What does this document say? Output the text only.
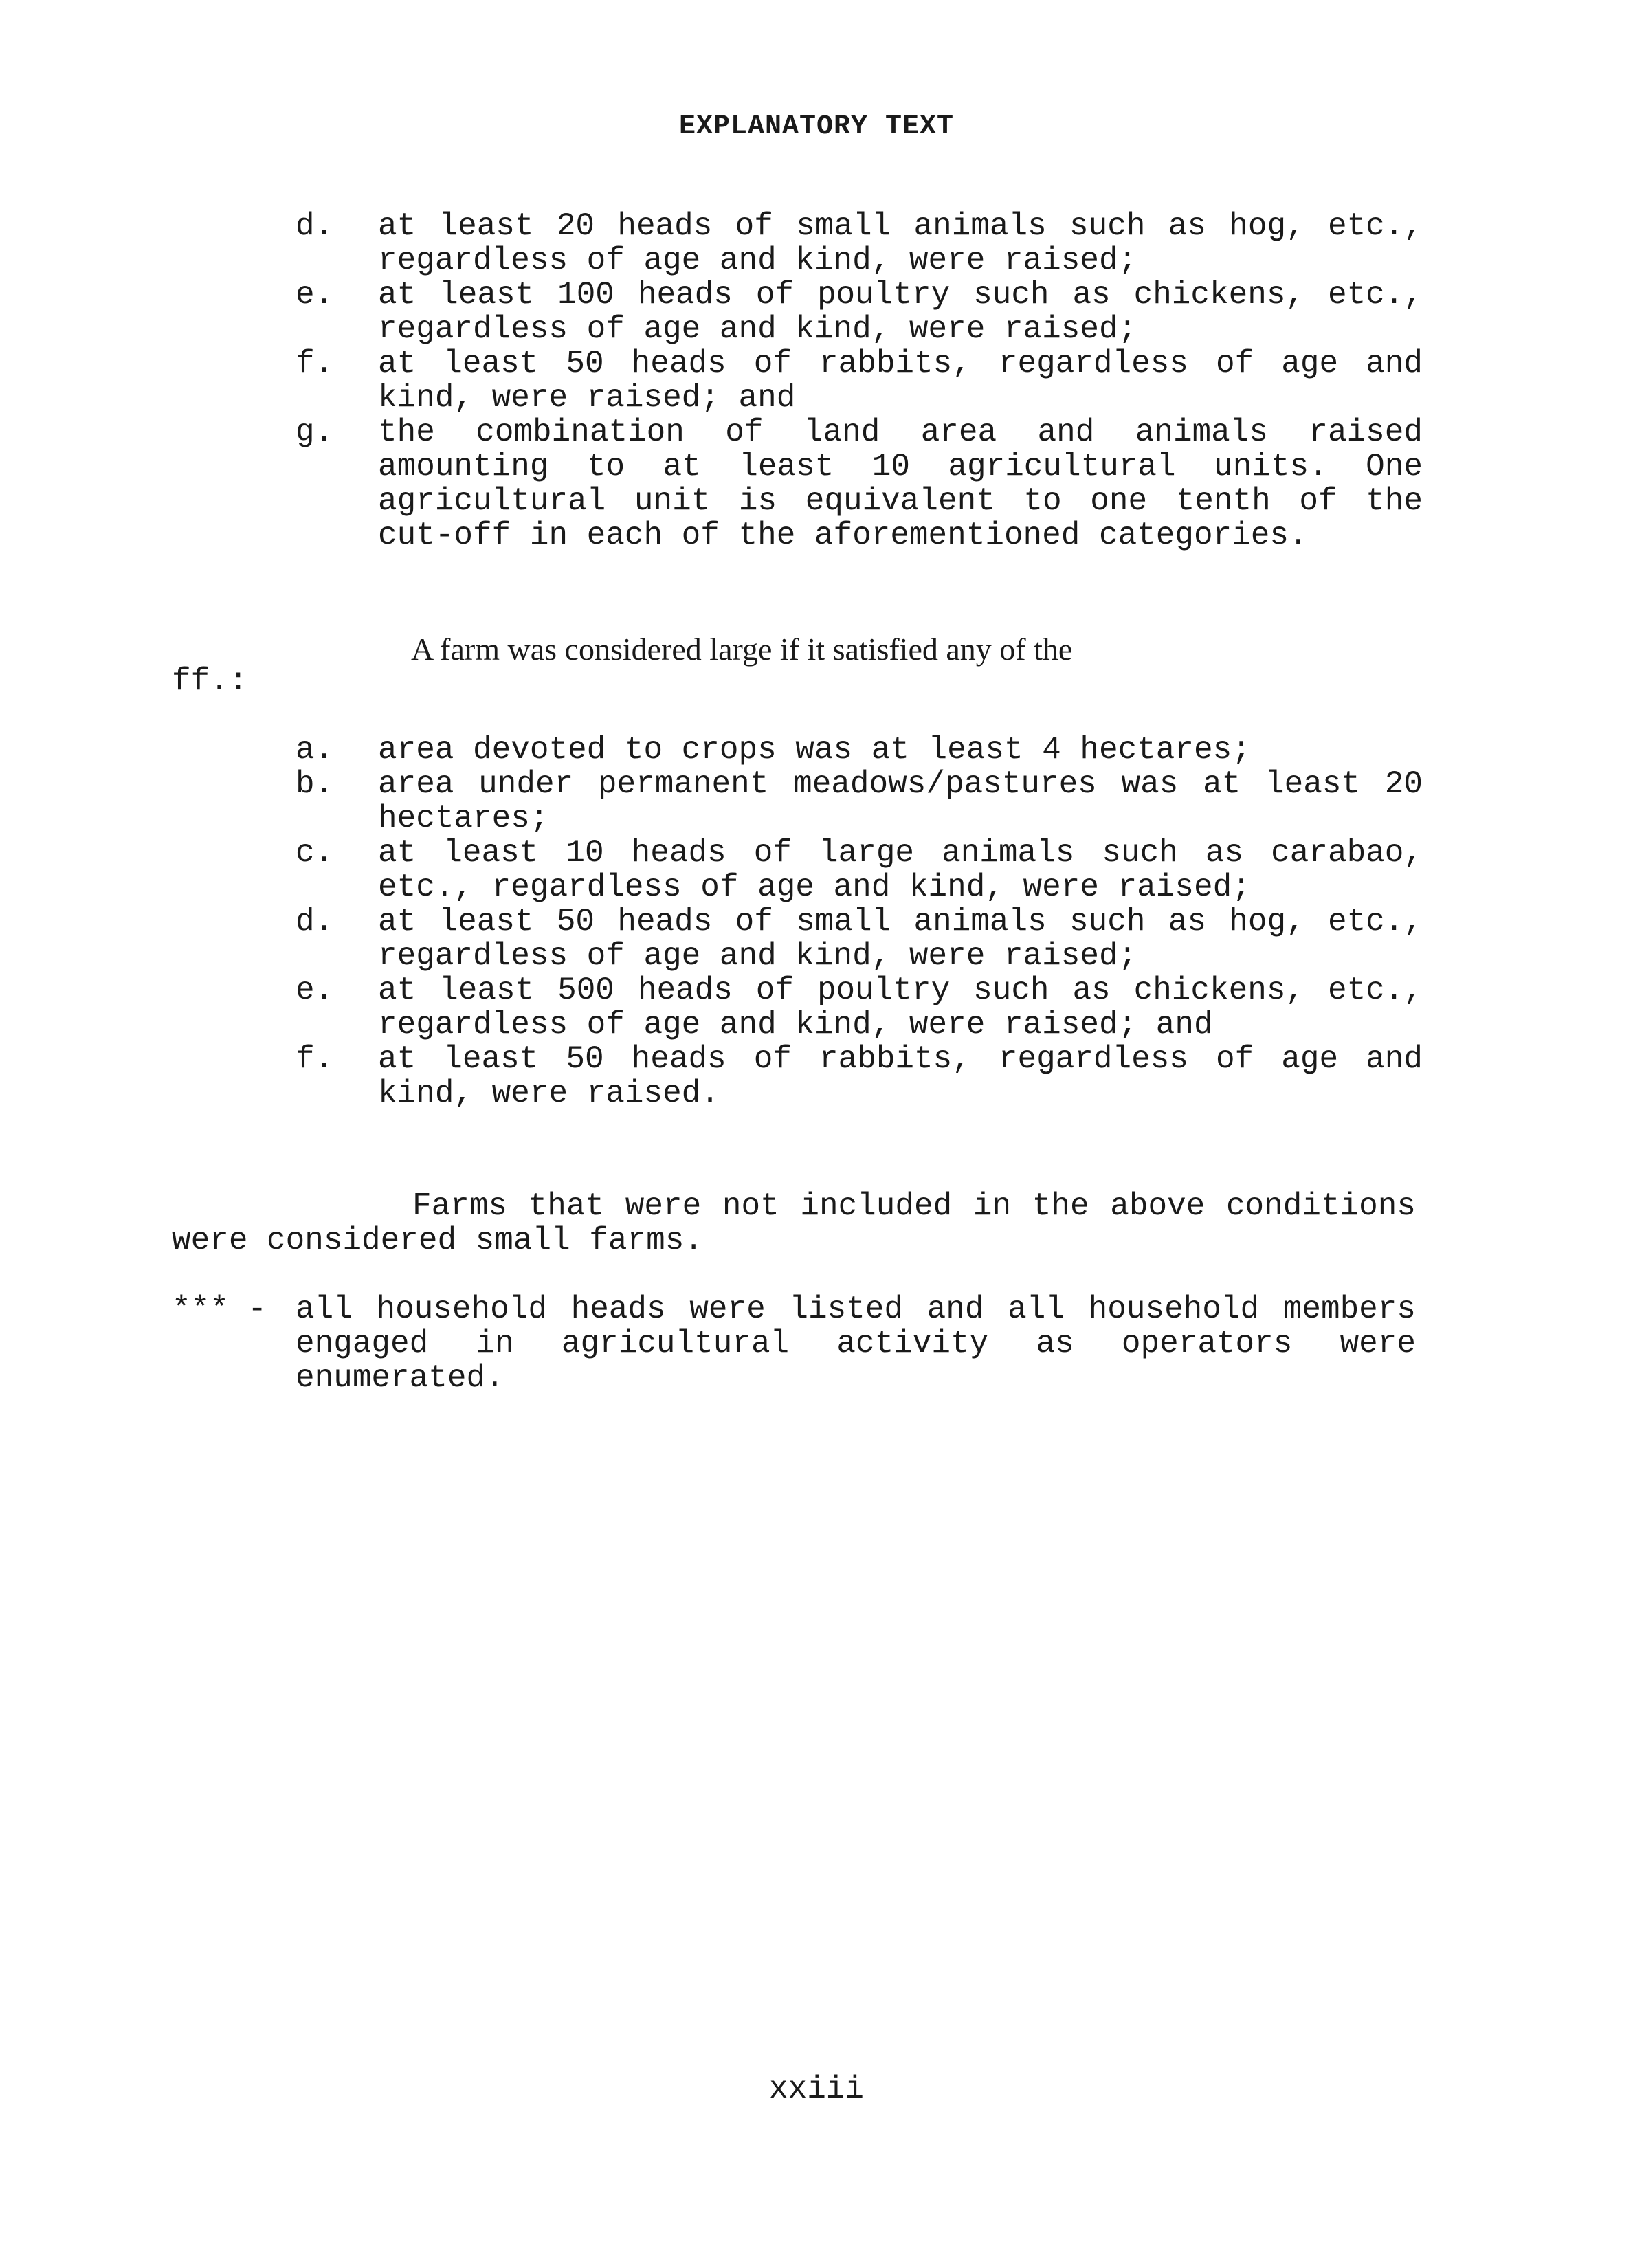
EXPLANATORY TEXT
d.	at least 20 heads of small animals such as hog, etc., regardless of age and kind, were raised;
e.	at least 100 heads of poultry such as chickens, etc., regardless of age and kind, were raised;
f.	at least 50 heads of rabbits, regardless of age and kind, were raised; and
g.	the combination of land area and animals raised amounting to at least 10 agricultural units. One agricultural unit is equivalent to one tenth of the cut-off in each of the aforementioned categories.
A farm was considered large if it satisfied any of the
ff.:
a.	area devoted to crops was at least 4 hectares;
b.	area under permanent meadows/pastures was at least 20 hectares;
c.	at least 10 heads of large animals such as carabao, etc., regardless of age and kind, were raised;
d.	at least 50 heads of small animals such as hog, etc., regardless of age and kind, were raised;
e.	at least 500 heads of poultry such as chickens, etc., regardless of age and kind, were raised; and
f.	at least 50 heads of rabbits, regardless of age and kind, were raised.
Farms that were not included in the above conditions were considered small farms.
*** - all household heads were listed and all household members engaged in agricultural activity as operators were enumerated.
xxiii
